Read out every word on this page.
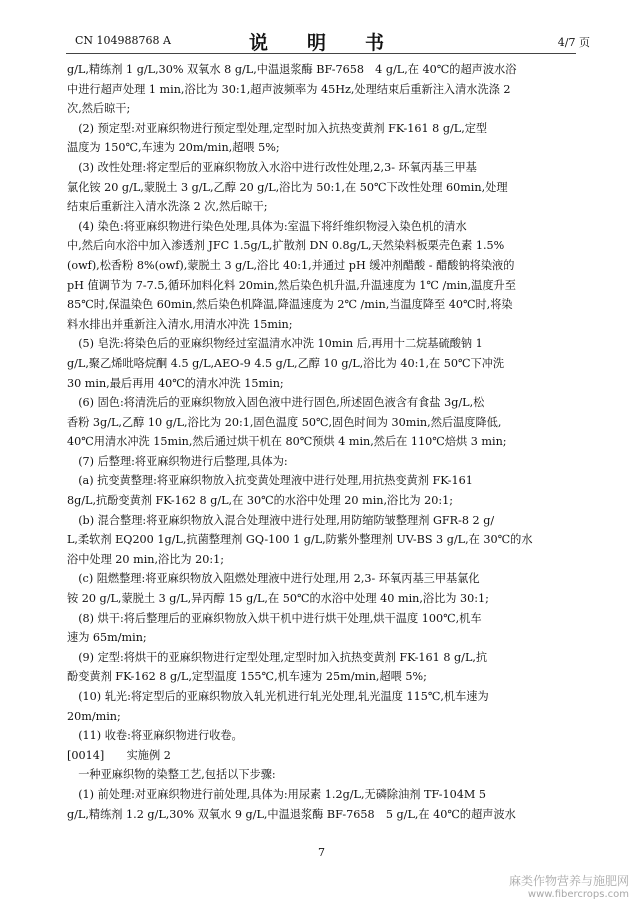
CN 104988768 A	说　明　书	4/7 页
g/L,精练剂 1 g/L,30% 双氧水 8 g/L,中温退浆酶 BF-7658　4 g/L,在 40℃的超声波水浴
中进行超声处理 1 min,浴比为 30:1,超声波频率为 45Hz,处理结束后重新注入清水洗涤 2
次,然后晾干;
　(2) 预定型:对亚麻织物进行预定型处理,定型时加入抗热变黄剂 FK-161 8 g/L,定型
温度为 150℃,车速为 20m/min,超喂 5%;
　(3) 改性处理:将定型后的亚麻织物放入水浴中进行改性处理,2,3- 环氧丙基三甲基
氯化铵 20 g/L,蒙脱土 3 g/L,乙醇 20 g/L,浴比为 50:1,在 50℃下改性处理 60min,处理
结束后重新注入清水洗涤 2 次,然后晾干;
　(4) 染色:将亚麻织物进行染色处理,具体为:室温下将纤维织物浸入染色机的清水
中,然后向水浴中加入渗透剂 JFC 1.5g/L,扩散剂 DN 0.8g/L,天然染料板栗壳色素 1.5%
(owf),松香粉 8%(owf),蒙脱土 3 g/L,浴比 40:1,并通过 pH 缓冲剂醋酸 - 醋酸钠将染液的
pH 值调节为 7-7.5,循环加料化料 20min,然后染色机升温,升温速度为 1℃ /min,温度升至
85℃时,保温染色 60min,然后染色机降温,降温速度为 2℃ /min,当温度降至 40℃时,将染
料水排出并重新注入清水,用清水冲洗 15min;
　(5) 皂洗:将染色后的亚麻织物经过室温清水冲洗 10min 后,再用十二烷基硫酸钠 1
g/L,聚乙烯吡咯烷酮 4.5 g/L,AEO-9 4.5 g/L,乙醇 10 g/L,浴比为 40:1,在 50℃下冲洗
30 min,最后再用 40℃的清水冲洗 15min;
　(6) 固色:将清洗后的亚麻织物放入固色液中进行固色,所述固色液含有食盐 3g/L,松
香粉 3g/L,乙醇 10 g/L,浴比为 20:1,固色温度 50℃,固色时间为 30min,然后温度降低,
40℃用清水冲洗 15min,然后通过烘干机在 80℃预烘 4 min,然后在 110℃焙烘 3 min;
　(7) 后整理:将亚麻织物进行后整理,具体为:
　(a) 抗变黄整理:将亚麻织物放入抗变黄处理液中进行处理,用抗热变黄剂 FK-161
8g/L,抗酚变黄剂 FK-162 8 g/L,在 30℃的水浴中处理 20 min,浴比为 20:1;
　(b) 混合整理:将亚麻织物放入混合处理液中进行处理,用防缩防皱整理剂 GFR-8 2 g/
L,柔软剂 EQ200 1g/L,抗菌整理剂 GQ-100 1 g/L,防紫外整理剂 UV-BS 3 g/L,在 30℃的水
浴中处理 20 min,浴比为 20:1;
　(c) 阻燃整理:将亚麻织物放入阻燃处理液中进行处理,用 2,3- 环氧丙基三甲基氯化
铵 20 g/L,蒙脱土 3 g/L,异丙醇 15 g/L,在 50℃的水浴中处理 40 min,浴比为 30:1;
　(8) 烘干:将后整理后的亚麻织物放入烘干机中进行烘干处理,烘干温度 100℃,机车
速为 65m/min;
　(9) 定型:将烘干的亚麻织物进行定型处理,定型时加入抗热变黄剂 FK-161 8 g/L,抗
酚变黄剂 FK-162 8 g/L,定型温度 155℃,机车速为 25m/min,超喂 5%;
　(10) 轧光:将定型后的亚麻织物放入轧光机进行轧光处理,轧光温度 115℃,机车速为
20m/min;
　(11) 收卷:将亚麻织物进行收卷。
[0014]　　实施例 2
　一种亚麻织物的染整工艺,包括以下步骤:
　(1) 前处理:对亚麻织物进行前处理,具体为:用尿素 1.2g/L,无磷除油剂 TF-104M 5
g/L,精练剂 1.2 g/L,30% 双氧水 9 g/L,中温退浆酶 BF-7658　5 g/L,在 40℃的超声波水
7
麻类作物营养与施肥网
www.fibercrops.com
